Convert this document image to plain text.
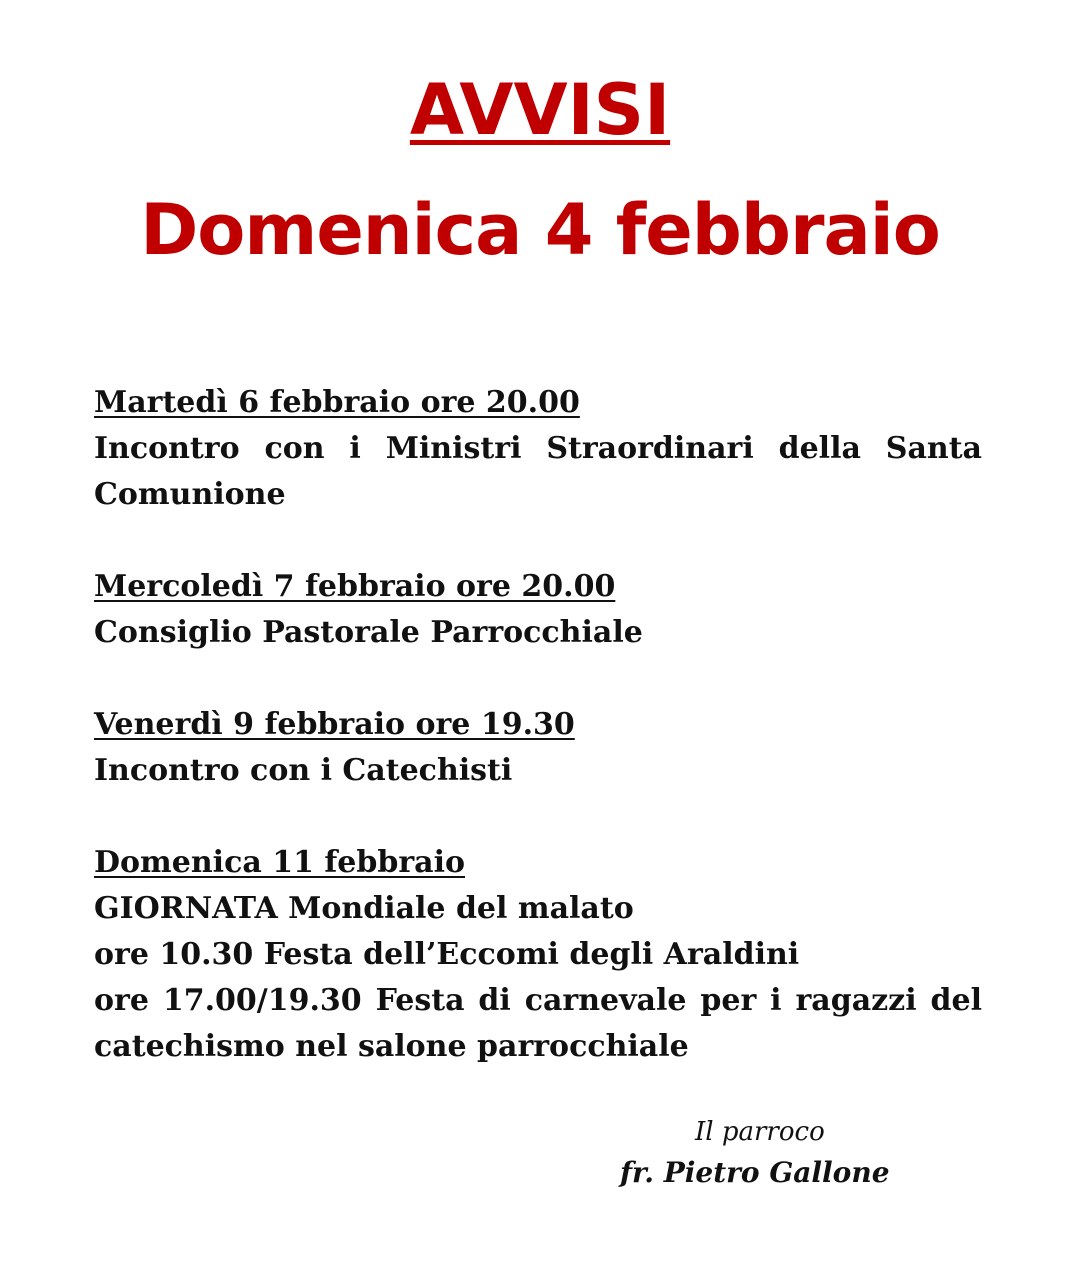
AVVISI
Domenica 4 febbraio
Martedì 6 febbraio ore 20.00
Incontro con i Ministri Straordinari della Santa Comunione
Mercoledì 7 febbraio ore 20.00
Consiglio Pastorale Parrocchiale
Venerdì 9 febbraio ore 19.30
Incontro con i Catechisti
Domenica 11 febbraio
GIORNATA Mondiale del malato
ore 10.30 Festa dell’Eccomi degli Araldini
ore 17.00/19.30 Festa di carnevale per i ragazzi del catechismo nel salone parrocchiale
Il parroco
fr. Pietro Gallone
